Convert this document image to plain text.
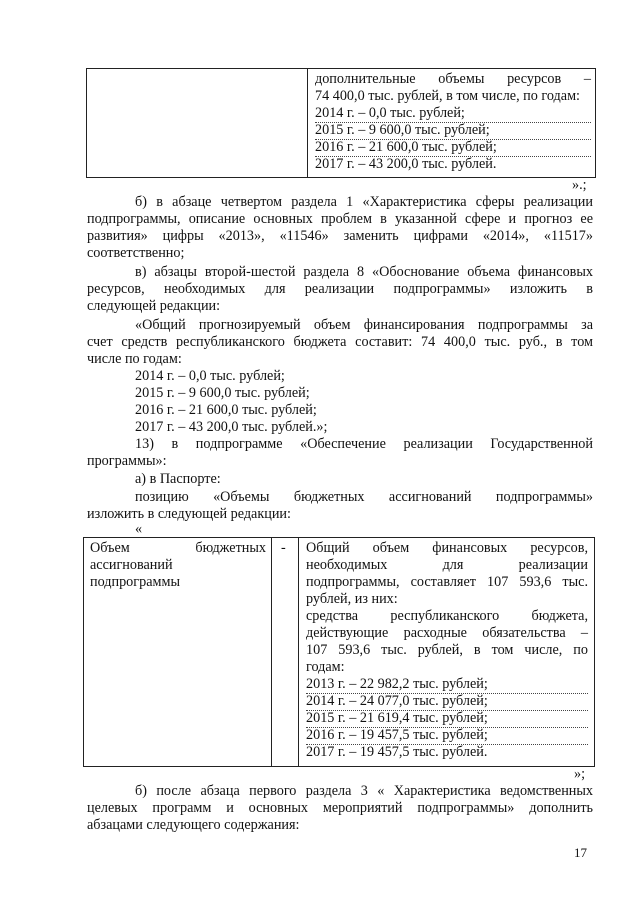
дополнительные объемы ресурсов –
74 400,0 тыс. рублей, в том числе, по годам:
2014 г. – 0,0 тыс. рублей;
2015 г. – 9 600,0 тыс. рублей;
2016 г. – 21 600,0 тыс. рублей;
2017 г. – 43 200,0 тыс. рублей.
».;
б) в абзаце четвертом раздела 1 «Характеристика сферы реализации
подпрограммы, описание основных проблем в указанной сфере и прогноз ее
развития» цифры «2013», «11546» заменить цифрами «2014», «11517»
соответственно;
в) абзацы второй-шестой раздела 8 «Обоснование объема финансовых
ресурсов, необходимых для реализации подпрограммы» изложить в
следующей редакции:
«Общий прогнозируемый объем финансирования подпрограммы за
счет средств республиканского бюджета составит: 74 400,0 тыс. руб., в том
числе по годам:
2014 г. – 0,0 тыс. рублей;
2015 г. – 9 600,0 тыс. рублей;
2016 г. – 21 600,0 тыс. рублей;
2017 г. – 43 200,0 тыс. рублей.»;
13) в подпрограмме «Обеспечение реализации Государственной
программы»:
а) в Паспорте:
позицию «Объемы бюджетных ассигнований подпрограммы»
изложить в следующей редакции:
«
Объем бюджетных
ассигнований
подпрограммы
- Общий объем финансовых ресурсов,
необходимых для реализации
подпрограммы, составляет 107 593,6 тыс.
рублей, из них:
средства республиканского бюджета,
действующие расходные обязательства –
107 593,6 тыс. рублей, в том числе, по
годам:
2013 г. – 22 982,2 тыс. рублей;
2014 г. – 24 077,0 тыс. рублей;
2015 г. – 21 619,4 тыс. рублей;
2016 г. – 19 457,5 тыс. рублей;
2017 г. – 19 457,5 тыс. рублей.
»;
б) после абзаца первого раздела 3 « Характеристика ведомственных
целевых программ и основных мероприятий подпрограммы» дополнить
абзацами следующего содержания:
17
